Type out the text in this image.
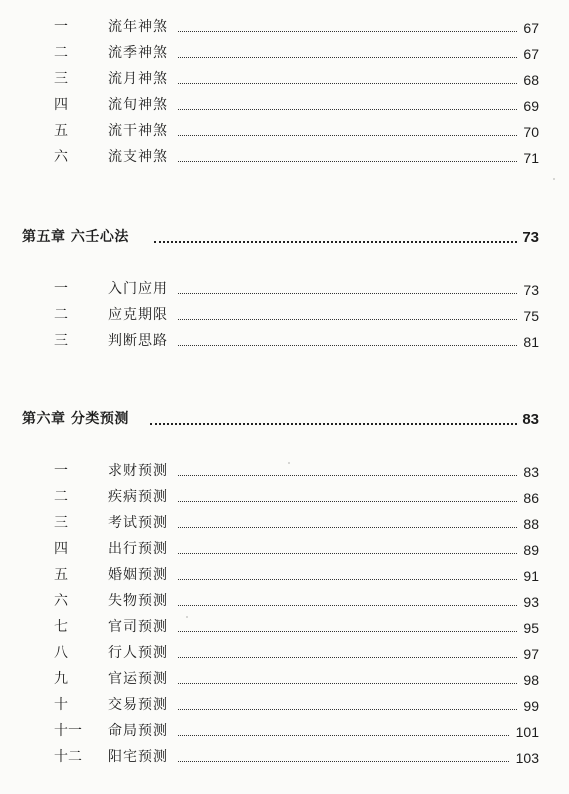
一	流年神煞	67
二	流季神煞	67
三	流月神煞	68
四	流旬神煞	69
五	流干神煞	70
六	流支神煞	71
第五章 六壬心法	73
一	入门应用	73
二	应克期限	75
三	判断思路	81
第六章 分类预测	83
一	求财预测	83
二	疾病预测	86
三	考试预测	88
四	出行预测	89
五	婚姻预测	91
六	失物预测	93
七	官司预测	95
八	行人预测	97
九	官运预测	98
十	交易预测	99
十一 命局预测	101
十二 阳宅预测	103
